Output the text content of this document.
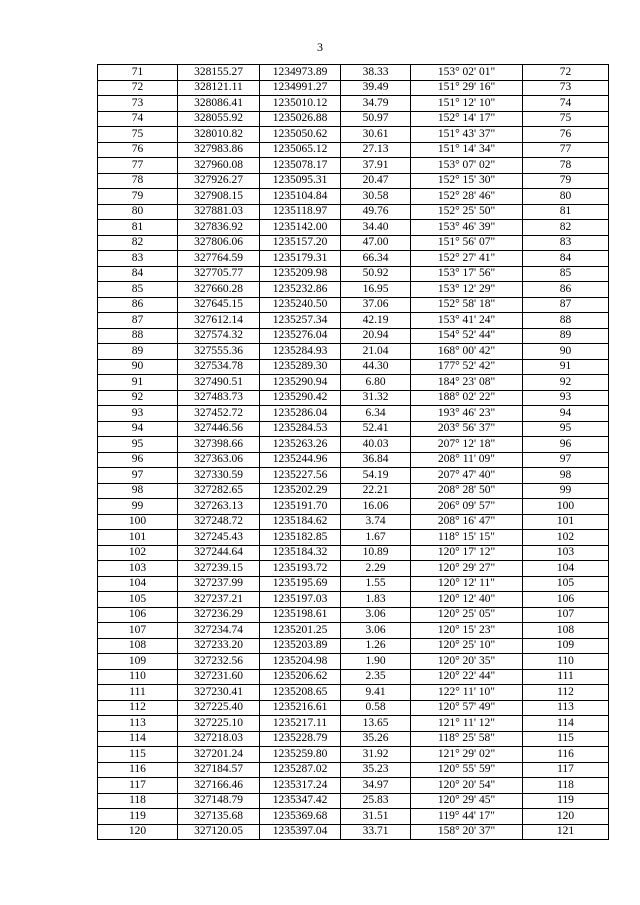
3
71	328155.27	1234973.89	38.33	153° 02' 01"	72
72	328121.11	1234991.27	39.49	151° 29' 16"	73
73	328086.41	1235010.12	34.79	151° 12' 10"	74
74	328055.92	1235026.88	50.97	152° 14' 17"	75
75	328010.82	1235050.62	30.61	151° 43' 37"	76
76	327983.86	1235065.12	27.13	151° 14' 34"	77
77	327960.08	1235078.17	37.91	153° 07' 02"	78
78	327926.27	1235095.31	20.47	152° 15' 30"	79
79	327908.15	1235104.84	30.58	152° 28' 46"	80
80	327881.03	1235118.97	49.76	152° 25' 50"	81
81	327836.92	1235142.00	34.40	153° 46' 39"	82
82	327806.06	1235157.20	47.00	151° 56' 07"	83
83	327764.59	1235179.31	66.34	152° 27' 41"	84
84	327705.77	1235209.98	50.92	153° 17' 56"	85
85	327660.28	1235232.86	16.95	153° 12' 29"	86
86	327645.15	1235240.50	37.06	152° 58' 18"	87
87	327612.14	1235257.34	42.19	153° 41' 24"	88
88	327574.32	1235276.04	20.94	154° 52' 44"	89
89	327555.36	1235284.93	21.04	168° 00' 42"	90
90	327534.78	1235289.30	44.30	177° 52' 42"	91
91	327490.51	1235290.94	6.80	184° 23' 08"	92
92	327483.73	1235290.42	31.32	188° 02' 22"	93
93	327452.72	1235286.04	6.34	193° 46' 23"	94
94	327446.56	1235284.53	52.41	203° 56' 37"	95
95	327398.66	1235263.26	40.03	207° 12' 18"	96
96	327363.06	1235244.96	36.84	208° 11' 09"	97
97	327330.59	1235227.56	54.19	207° 47' 40"	98
98	327282.65	1235202.29	22.21	208° 28' 50"	99
99	327263.13	1235191.70	16.06	206° 09' 57"	100
100	327248.72	1235184.62	3.74	208° 16' 47"	101
101	327245.43	1235182.85	1.67	118° 15' 15"	102
102	327244.64	1235184.32	10.89	120° 17' 12"	103
103	327239.15	1235193.72	2.29	120° 29' 27"	104
104	327237.99	1235195.69	1.55	120° 12' 11"	105
105	327237.21	1235197.03	1.83	120° 12' 40"	106
106	327236.29	1235198.61	3.06	120° 25' 05"	107
107	327234.74	1235201.25	3.06	120° 15' 23"	108
108	327233.20	1235203.89	1.26	120° 25' 10"	109
109	327232.56	1235204.98	1.90	120° 20' 35"	110
110	327231.60	1235206.62	2.35	120° 22' 44"	111
111	327230.41	1235208.65	9.41	122° 11' 10"	112
112	327225.40	1235216.61	0.58	120° 57' 49"	113
113	327225.10	1235217.11	13.65	121° 11' 12"	114
114	327218.03	1235228.79	35.26	118° 25' 58"	115
115	327201.24	1235259.80	31.92	121° 29' 02"	116
116	327184.57	1235287.02	35.23	120° 55' 59"	117
117	327166.46	1235317.24	34.97	120° 20' 54"	118
118	327148.79	1235347.42	25.83	120° 29' 45"	119
119	327135.68	1235369.68	31.51	119° 44' 17"	120
120	327120.05	1235397.04	33.71	158° 20' 37"	121
